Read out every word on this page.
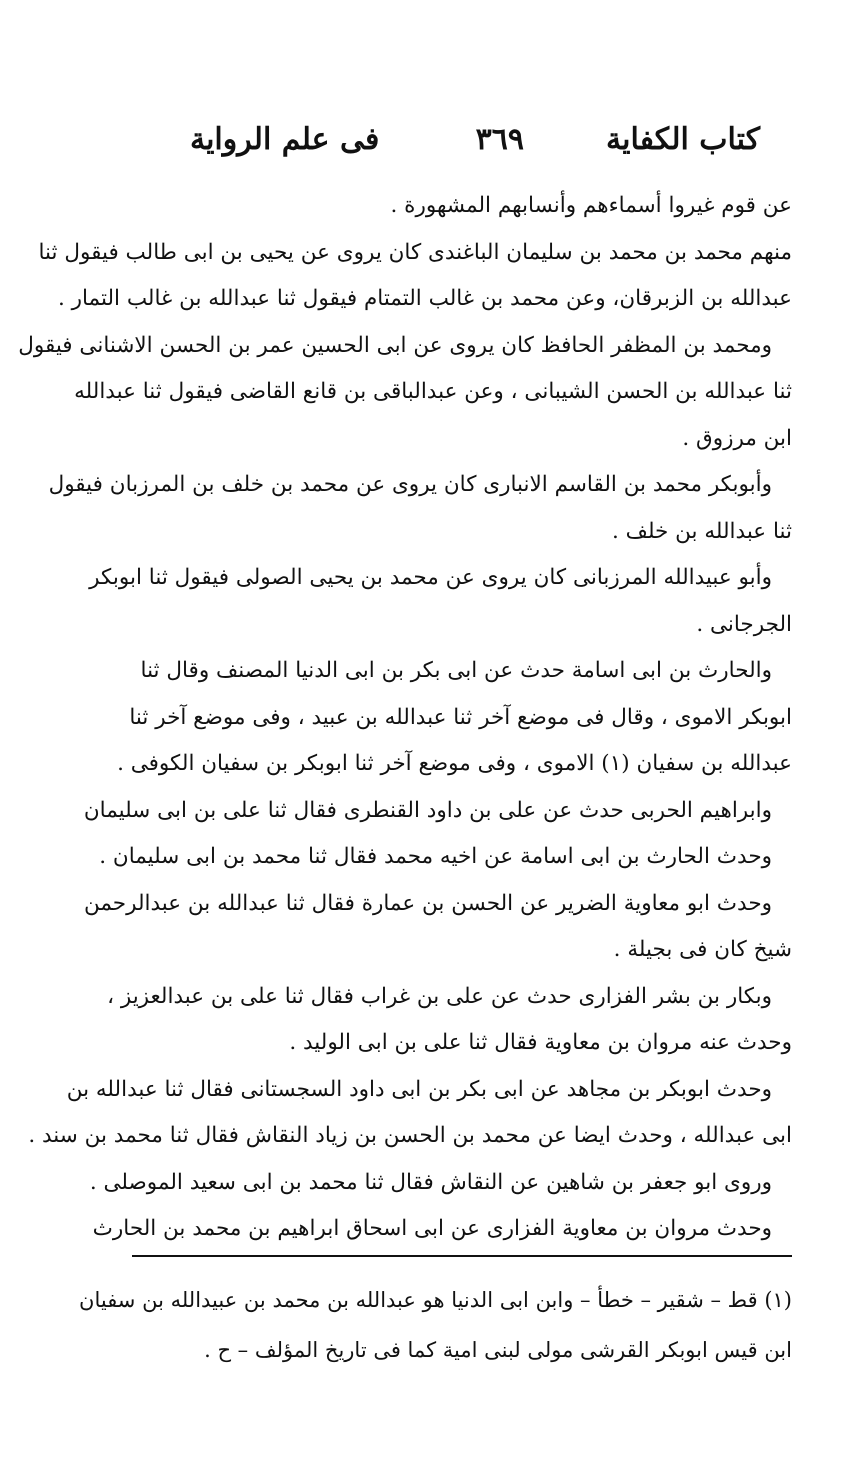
كتاب الكفاية
٣٦٩
فى علم الرواية
عن قوم غيروا أسماءهم وأنسابهم المشهورة .
منهم محمد بن محمد بن سليمان الباغندى كان يروى عن يحيى بن ابى طالب فيقول ثنا
عبدالله بن الزبرقان، وعن محمد بن غالب التمتام فيقول ثنا عبدالله بن غالب التمار .
ومحمد بن المظفر الحافظ كان يروى عن ابى الحسين عمر بن الحسن الاشنانى فيقول
ثنا عبدالله بن الحسن الشيبانى ، وعن عبدالباقى بن قانع القاضى فيقول ثنا عبدالله
ابن مرزوق .
وأبوبكر محمد بن القاسم الانبارى كان يروى عن محمد بن خلف بن المرزبان فيقول
ثنا عبدالله بن خلف .
وأبو عبيدالله المرزبانى كان يروى عن محمد بن يحيى الصولى فيقول ثنا ابوبكر
الجرجانى .
والحارث بن ابى اسامة حدث عن ابى بكر بن ابى الدنيا المصنف وقال ثنا
ابوبكر الاموى ، وقال فى موضع آخر ثنا عبدالله بن عبيد ، وفى موضع آخر ثنا
عبدالله بن سفيان (١) الاموى ، وفى موضع آخر ثنا ابوبكر بن سفيان الكوفى .
وابراهيم الحربى حدث عن على بن داود القنطرى فقال ثنا على بن ابى سليمان
وحدث الحارث بن ابى اسامة عن اخيه محمد فقال ثنا محمد بن ابى سليمان .
وحدث ابو معاوية الضرير عن الحسن بن عمارة فقال ثنا عبدالله بن عبدالرحمن
شيخ كان فى بجيلة .
وبكار بن بشر الفزارى حدث عن على بن غراب فقال ثنا على بن عبدالعزيز ،
وحدث عنه مروان بن معاوية فقال ثنا على بن ابى الوليد .
وحدث ابوبكر بن مجاهد عن ابى بكر بن ابى داود السجستانى فقال ثنا عبدالله بن
ابى عبدالله ، وحدث ايضا عن محمد بن الحسن بن زياد النقاش فقال ثنا محمد بن سند .
وروى ابو جعفر بن شاهين عن النقاش فقال ثنا محمد بن ابى سعيد الموصلى .
وحدث مروان بن معاوية الفزارى عن ابى اسحاق ابراهيم بن محمد بن الحارث
(١) قط – شقير – خطأ – وابن ابى الدنيا هو عبدالله بن محمد بن عبيدالله بن سفيان
ابن قيس ابوبكر القرشى مولى لبنى امية كما فى تاريخ المؤلف – ح .
